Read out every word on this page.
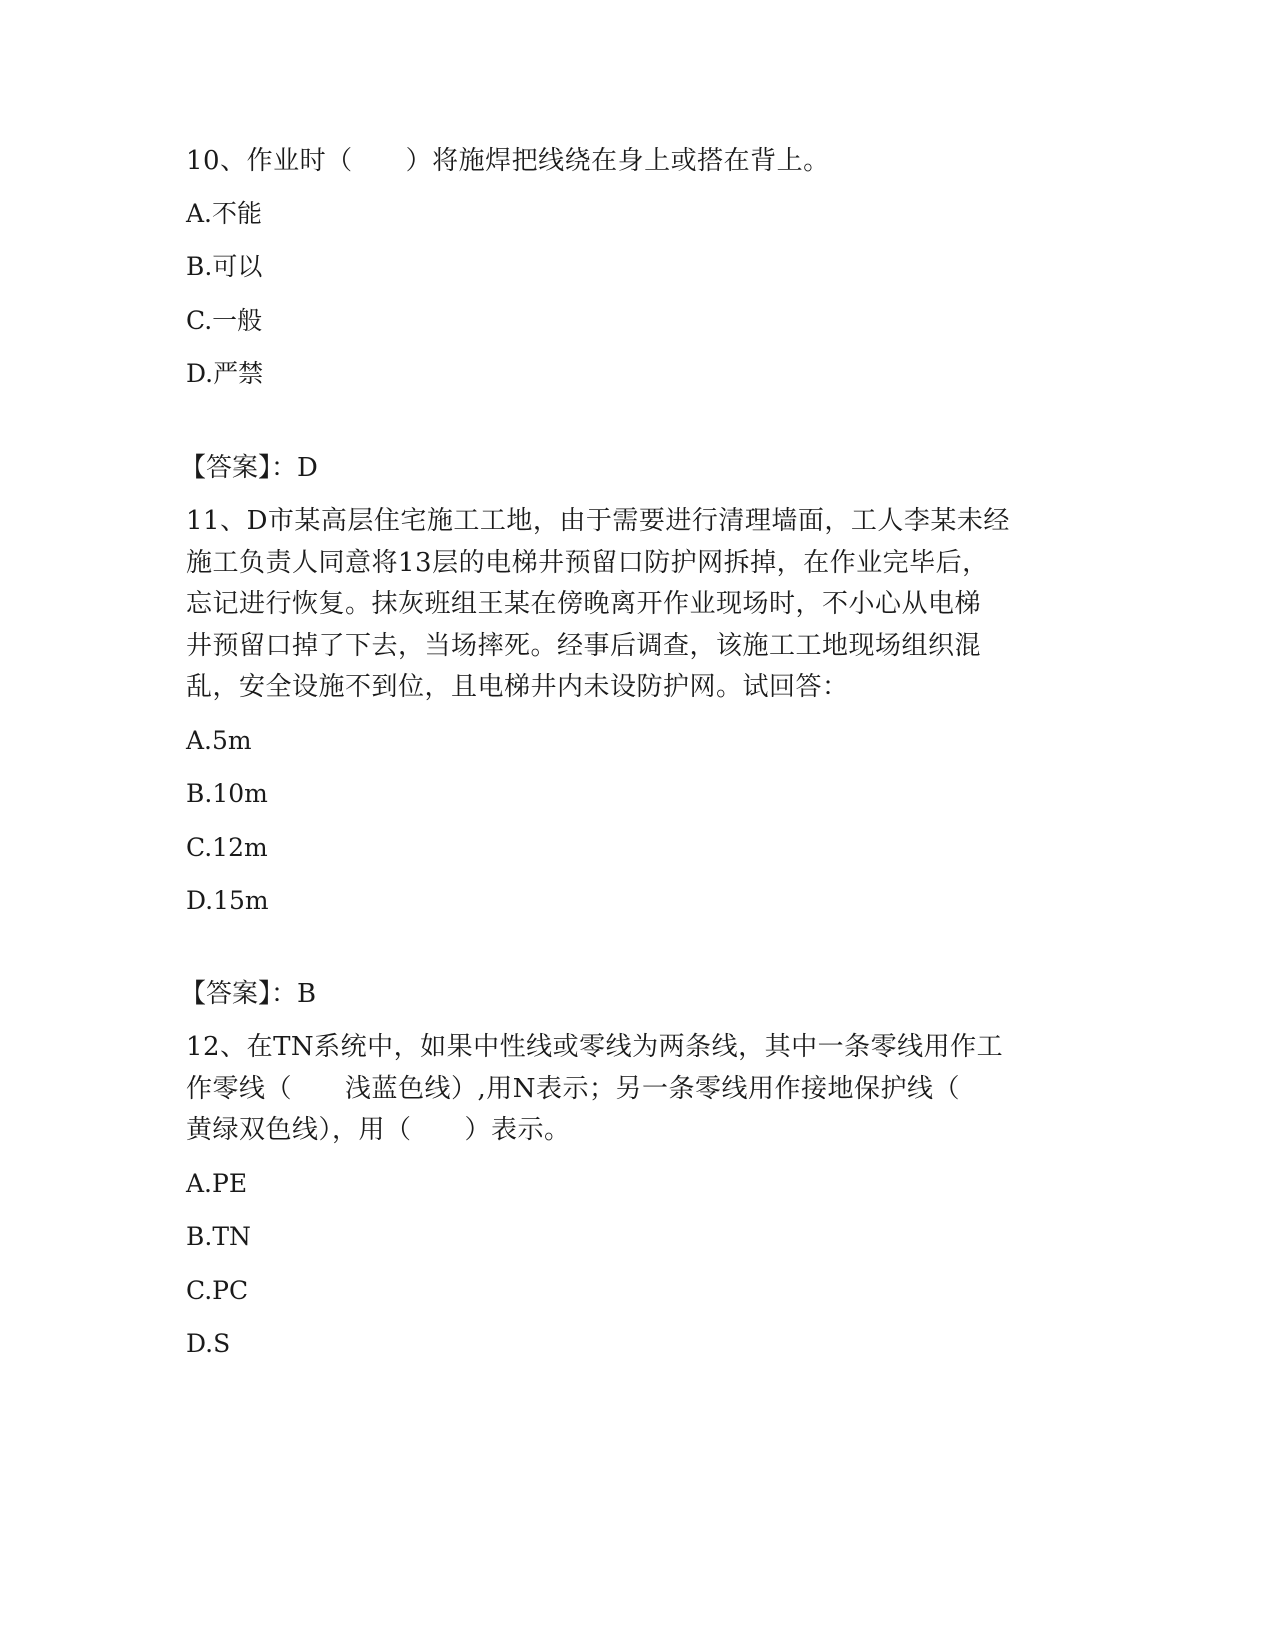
10、作业时（　　）将施焊把线绕在身上或搭在背上。
A.不能
B.可以
C.一般
D.严禁
【答案】：D
11、D市某高层住宅施工工地，由于需要进行清理墙面，工人李某未经
施工负责人同意将13层的电梯井预留口防护网拆掉，在作业完毕后，
忘记进行恢复。抹灰班组王某在傍晚离开作业现场时，不小心从电梯
井预留口掉了下去，当场摔死。经事后调查，该施工工地现场组织混
乱，安全设施不到位，且电梯井内未设防护网。试回答：
A.5m
B.10m
C.12m
D.15m
【答案】：B
12、在TN系统中，如果中性线或零线为两条线，其中一条零线用作工
作零线（　　浅蓝色线）,用N表示；另一条零线用作接地保护线（
黄绿双色线），用（　　）表示。
A.PE
B.TN
C.PC
D.S
